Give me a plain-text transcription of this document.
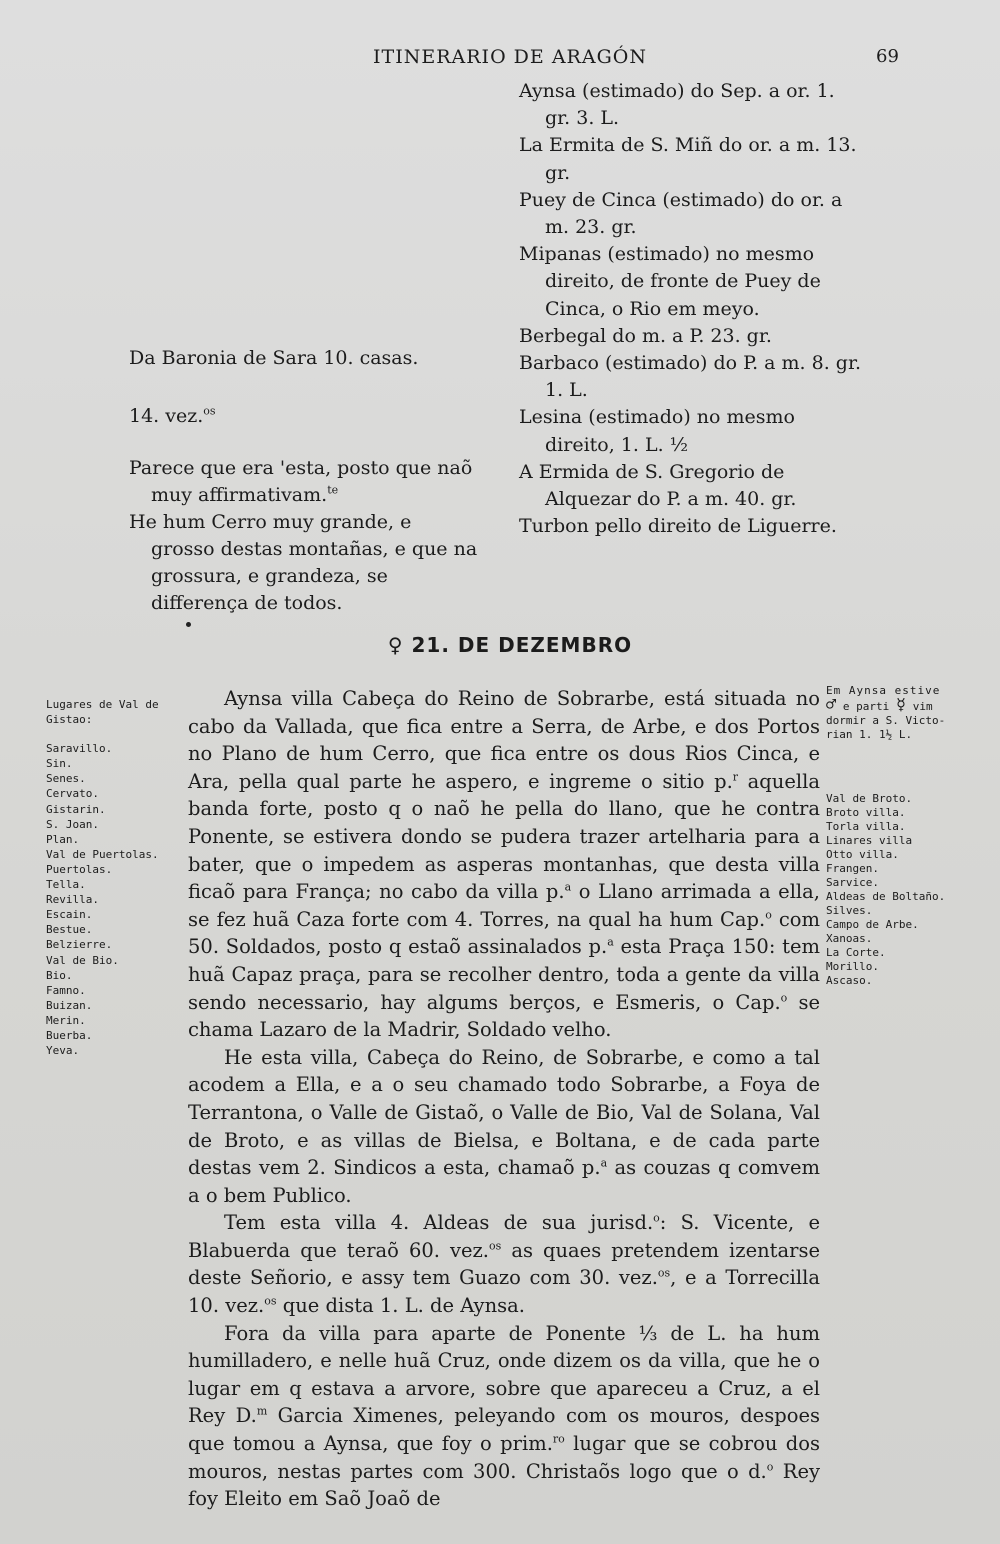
ITINERARIO DE ARAGÓN	69
Aynsa (estimado) do Sep. a or. 1. gr. 3. L.
La Ermita de S. Miñ do or. a m. 13. gr.
Puey de Cinca (estimado) do or. a m. 23. gr.
Mipanas (estimado) no mesmo direito, de fronte de Puey de Cinca, o Rio em meyo.
Berbegal do m. a P. 23. gr.
Barbaco (estimado) do P. a m. 8. gr. 1. L.
Lesina (estimado) no mesmo direito, 1. L. ½
A Ermida de S. Gregorio de Alquezar do P. a m. 40. gr.
Turbon pello direito de Liguerre.
Da Baronia de Sara 10. casas.
14. vez.$^{os}$
Parece que era 'esta, posto que naõ muy affirmativam.$^{te}$
He hum Cerro muy grande, e grosso destas montañas, e que na grossura, e grandeza, se differença de todos.
♀ 21. DE DEZEMBRO
Lugares de Val de Gistao:
Saravillo.
Sin.
Senes.
Cervato.
Gistarin.
S. Joan.
Plan.
Val de Puertolas.
Puertolas.
Tella.
Revilla.
Escain.
Bestue.
Belzierre.
Val de Bio.
Bio.
Famno.
Buizan.
Merin.
Buerba.
Yeva.

Aynsa villa Cabeça do Reino de Sobrarbe, está situada no cabo da Vallada, que fica entre a Serra, de Arbe, e dos Portos no Plano de hum Cerro, que fica entre os dous Rios Cinca, e Ara, pella qual parte he aspero, e ingreme o sitio p.$^r$ aquella banda forte, posto q o naõ he pella do llano, que he contra Ponente, se estivera dondo se pudera trazer artelharia para a bater, que o impedem as asperas montanhas, que desta villa ficaõ para França; no cabo da villa p.$^a$ o Llano arrimada a ella, se fez huã Caza forte com 4. Torres, na qual ha hum Cap.$^o$ com 50. Soldados, posto q estaõ assinalados p.$^a$ esta Praça 150: tem huã Capaz praça, para se recolher dentro, toda a gente da villa sendo necessario, hay algums berços, e Esmeris, o Cap.$^o$ se chama Lazaro de la Madrir, Soldado velho.

He esta villa, Cabeça do Reino, de Sobrarbe, e como a tal acodem a Ella, e a o seu chamado todo Sobrarbe, a Foya de Terrantona, o Valle de Gistaõ, o Valle de Bio, Val de Solana, Val de Broto, e as villas de Bielsa, e Boltana, e de cada parte destas vem 2. Sindicos a esta, chamaõ p.$^a$ as couzas q comvem a o bem Publico.

Tem esta villa 4. Aldeas de sua jurisd.$^o$: S. Vicente, e Blabuerda que teraõ 60. vez.$^{os}$ as quaes pretendem izentarse deste Señorio, e assy tem Guazo com 30. vez.$^{os}$, e a Torrecilla 10. vez.$^{os}$ que dista 1. L. de Aynsa.

Fora da villa para aparte de Ponente ⅓ de L. ha hum humilladero, e nelle huã Cruz, onde dizem os da villa, que he o lugar em q estava a arvore, sobre que apareceu a Cruz, a el Rey D.$^m$ Garcia Ximenes, peleyando com os mouros, despoes que tomou a Aynsa, que foy o prim.$^{ro}$ lugar que se cobrou dos mouros, nestas partes com 300. Christaõs logo que o d.$^o$ Rey foy Eleito em Saõ Joaõ de

Em Aynsa estive
♂ e parti ☿ vim
dormir a S. Victo-
rian 1. 1½ L.
Val de Broto.
Broto villa.
Torla villa.
Linares villa
Otto villa.
Frangen.
Sarvice.
Aldeas de Boltaño.
Silves.
Campo de Arbe.
Xanoas.
La Corte.
Morillo.
Ascaso.
